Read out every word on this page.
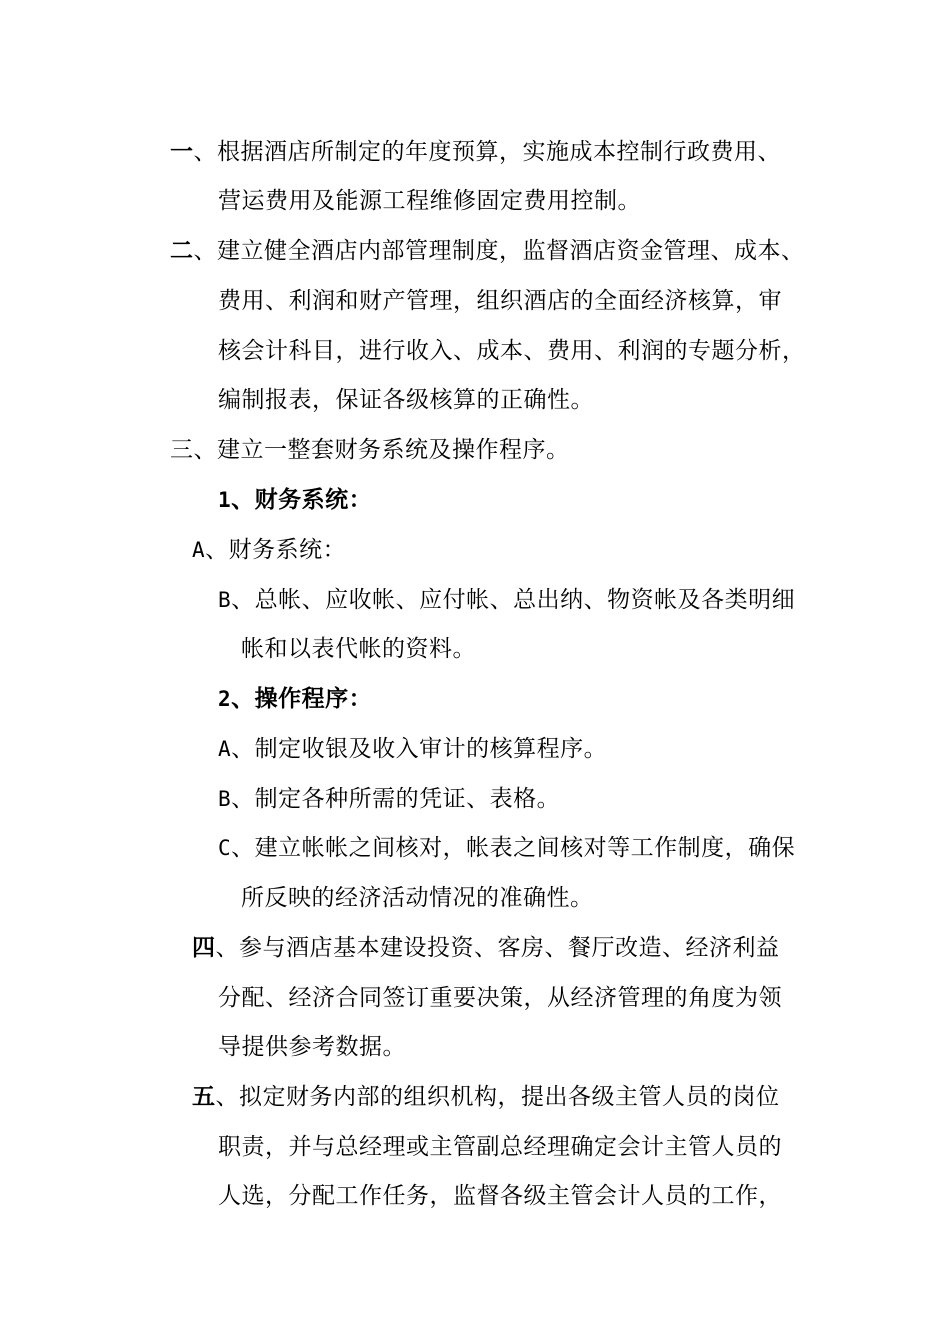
一、根据酒店所制定的年度预算，实施成本控制行政费用、
营运费用及能源工程维修固定费用控制。
二、建立健全酒店内部管理制度，监督酒店资金管理、成本、
费用、利润和财产管理，组织酒店的全面经济核算，审
核会计科目，进行收入、成本、费用、利润的专题分析，
编制报表，保证各级核算的正确性。
三、建立一整套财务系统及操作程序。
1、财务系统：
A、财务系统：
B、总帐、应收帐、应付帐、总出纳、物资帐及各类明细
帐和以表代帐的资料。
2、操作程序：
A、制定收银及收入审计的核算程序。
B、制定各种所需的凭证、表格。
C、建立帐帐之间核对，帐表之间核对等工作制度，确保
所反映的经济活动情况的准确性。
四、参与酒店基本建设投资、客房、餐厅改造、经济利益
分配、经济合同签订重要决策，从经济管理的角度为领
导提供参考数据。
五、拟定财务内部的组织机构，提出各级主管人员的岗位
职责，并与总经理或主管副总经理确定会计主管人员的
人选，分配工作任务，监督各级主管会计人员的工作，
